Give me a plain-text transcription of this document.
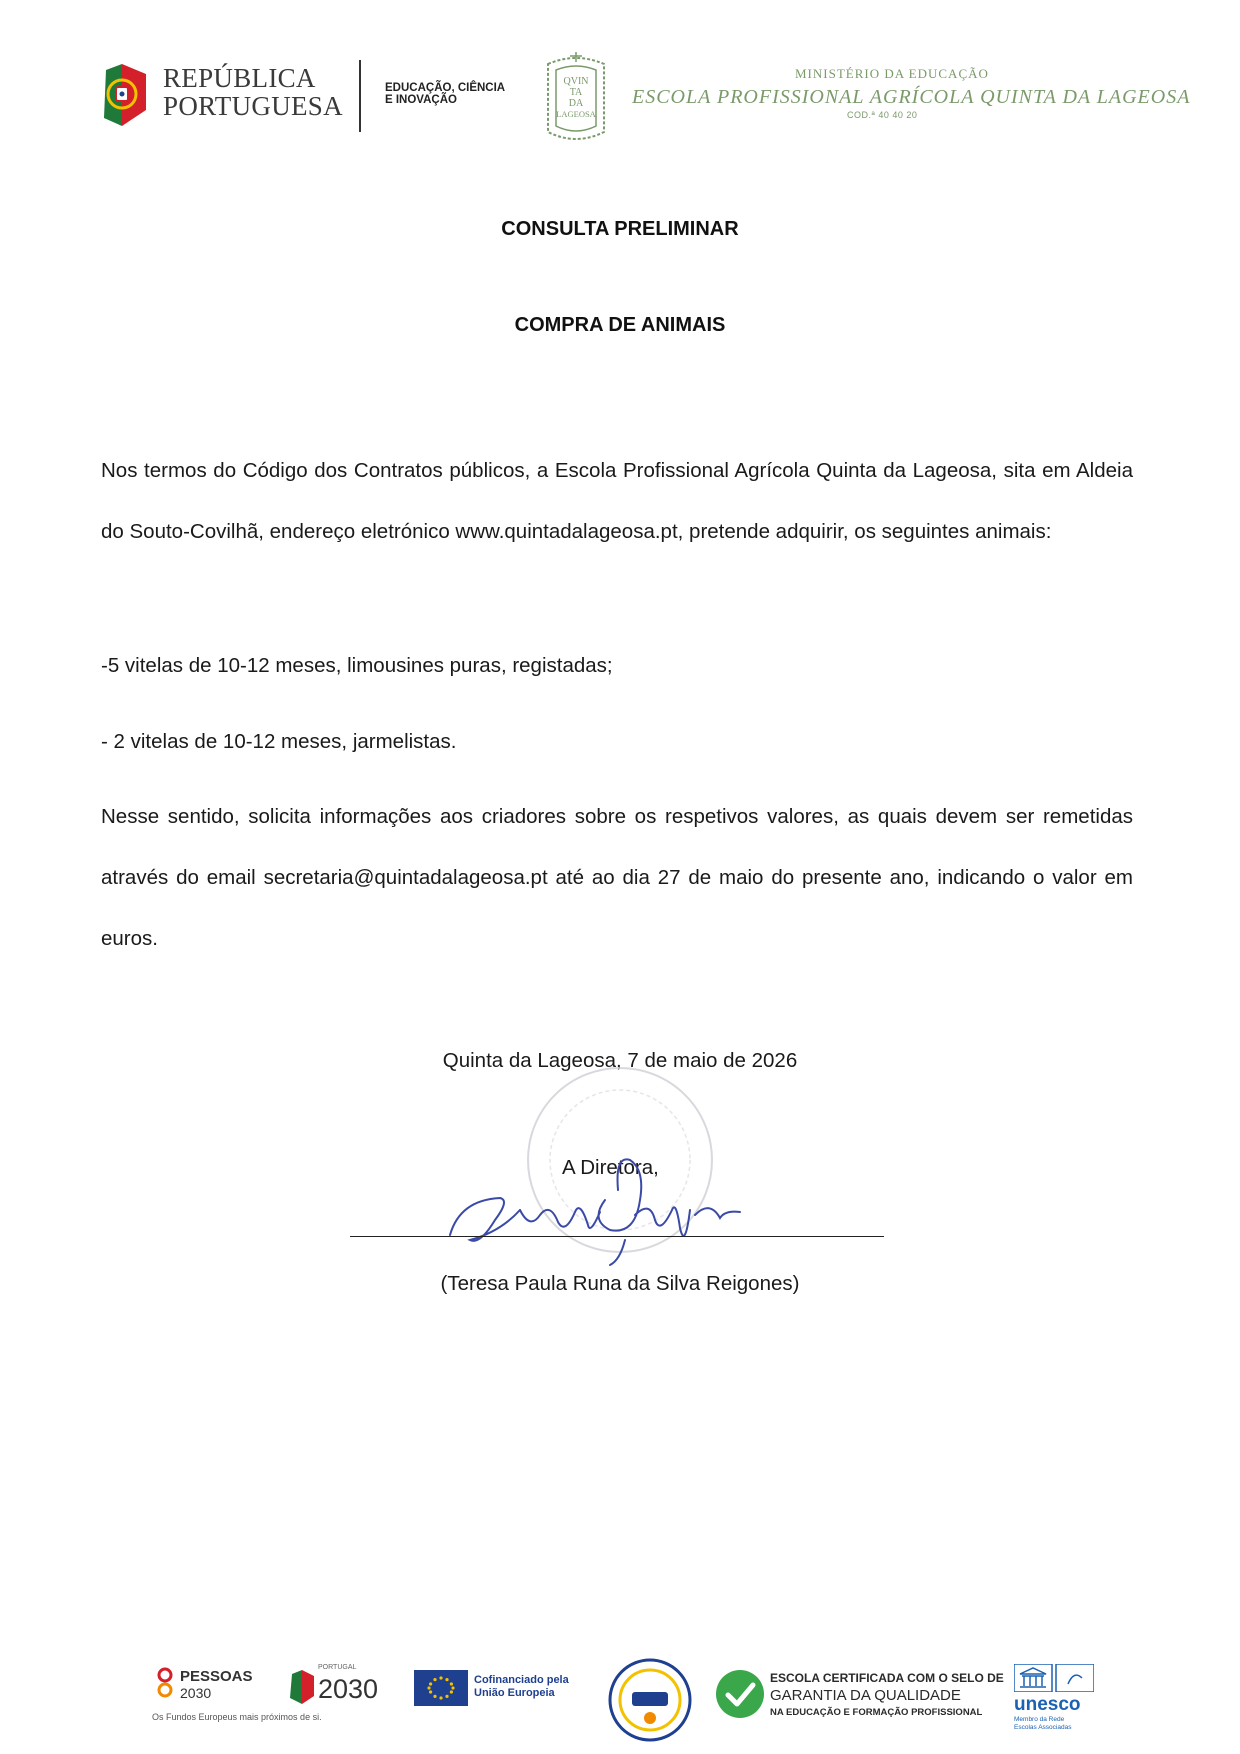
REPÚBLICA
PORTUGUESA
EDUCAÇÃO, CIÊNCIA
E INOVAÇÃO
QVIN
TA
DA
LAGEOSA
MINISTÉRIO DA EDUCAÇÃO
ESCOLA PROFISSIONAL AGRÍCOLA QUINTA DA LAGEOSA
COD.ª 40 40 20
CONSULTA PRELIMINAR
COMPRA DE ANIMAIS
Nos termos do Código dos Contratos públicos, a Escola Profissional Agrícola Quinta da Lageosa, sita em Aldeia do Souto-Covilhã, endereço eletrónico www.quintadalageosa.pt, pretende adquirir, os seguintes animais:
-5 vitelas de 10-12 meses, limousines puras, registadas;
- 2 vitelas de 10-12 meses, jarmelistas.
Nesse sentido, solicita informações aos criadores sobre os respetivos valores, as quais devem ser remetidas através do email secretaria@quintadalageosa.pt até ao dia 27 de maio do presente ano, indicando o valor em euros.
Quinta da Lageosa, 7 de maio de 2026
A Diretora,
(Teresa Paula Runa da Silva Reigones)
PESSOAS
2030
Os Fundos Europeus mais próximos de si.
PORTUGAL
2030	Cofinanciado pela
União Europeia
ESCOLA CERTIFICADA COM O SELO DE
GARANTIA DA QUALIDADE
NA EDUCAÇÃO E FORMAÇÃO PROFISSIONAL	unesco
Membro da Rede
Escolas Associadas
